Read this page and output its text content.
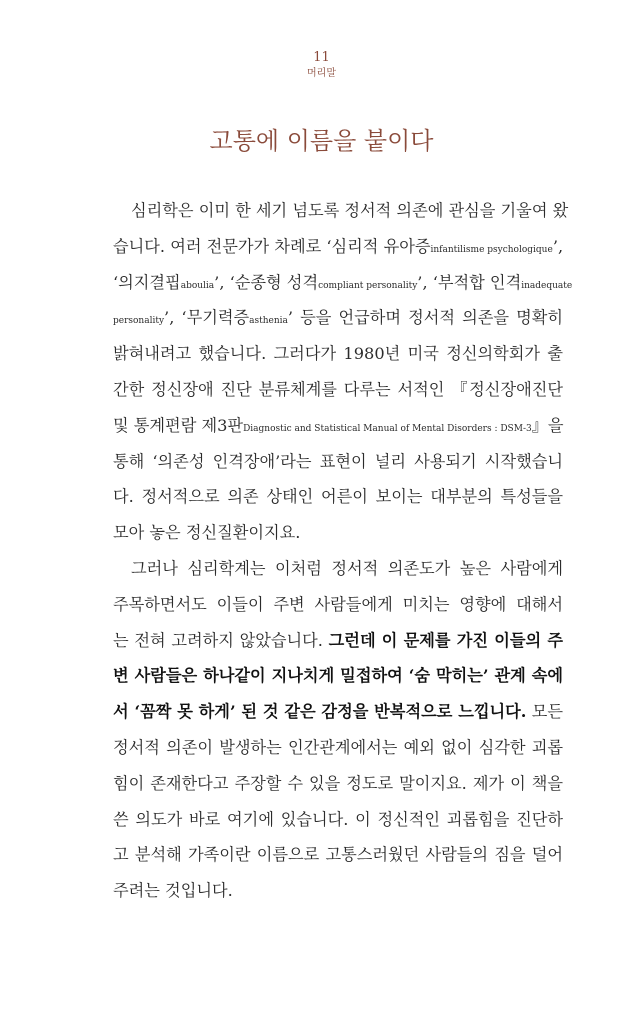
11
머리말
고통에 이름을 붙이다
심리학은 이미 한 세기 넘도록 정서적 의존에 관심을 기울여 왔
습니다. 여러 전문가가 차례로 ‘심리적 유아증infantilisme psychologique’,
‘의지결핍aboulia’, ‘순종형 성격compliant personality’, ‘부적합 인격inadequate
personality’, ‘무기력증asthenia’ 등을 언급하며 정서적 의존을 명확히
밝혀내려고 했습니다. 그러다가 1980년 미국 정신의학회가 출
간한 정신장애 진단 분류체계를 다루는 서적인 『정신장애진단
및 통계편람 제3판Diagnostic and Statistical Manual of Mental Disorders : DSM-3』을
통해 ‘의존성 인격장애’라는 표현이 널리 사용되기 시작했습니
다. 정서적으로 의존 상태인 어른이 보이는 대부분의 특성들을
모아 놓은 정신질환이지요.
그러나 심리학계는 이처럼 정서적 의존도가 높은 사람에게
주목하면서도 이들이 주변 사람들에게 미치는 영향에 대해서
는 전혀 고려하지 않았습니다. 그런데 이 문제를 가진 이들의 주
변 사람들은 하나같이 지나치게 밀접하여 ‘숨 막히는’ 관계 속에
서 ‘꼼짝 못 하게’ 된 것 같은 감정을 반복적으로 느낍니다. 모든
정서적 의존이 발생하는 인간관계에서는 예외 없이 심각한 괴롭
힘이 존재한다고 주장할 수 있을 정도로 말이지요. 제가 이 책을
쓴 의도가 바로 여기에 있습니다. 이 정신적인 괴롭힘을 진단하
고 분석해 가족이란 이름으로 고통스러웠던 사람들의 짐을 덜어
주려는 것입니다.
